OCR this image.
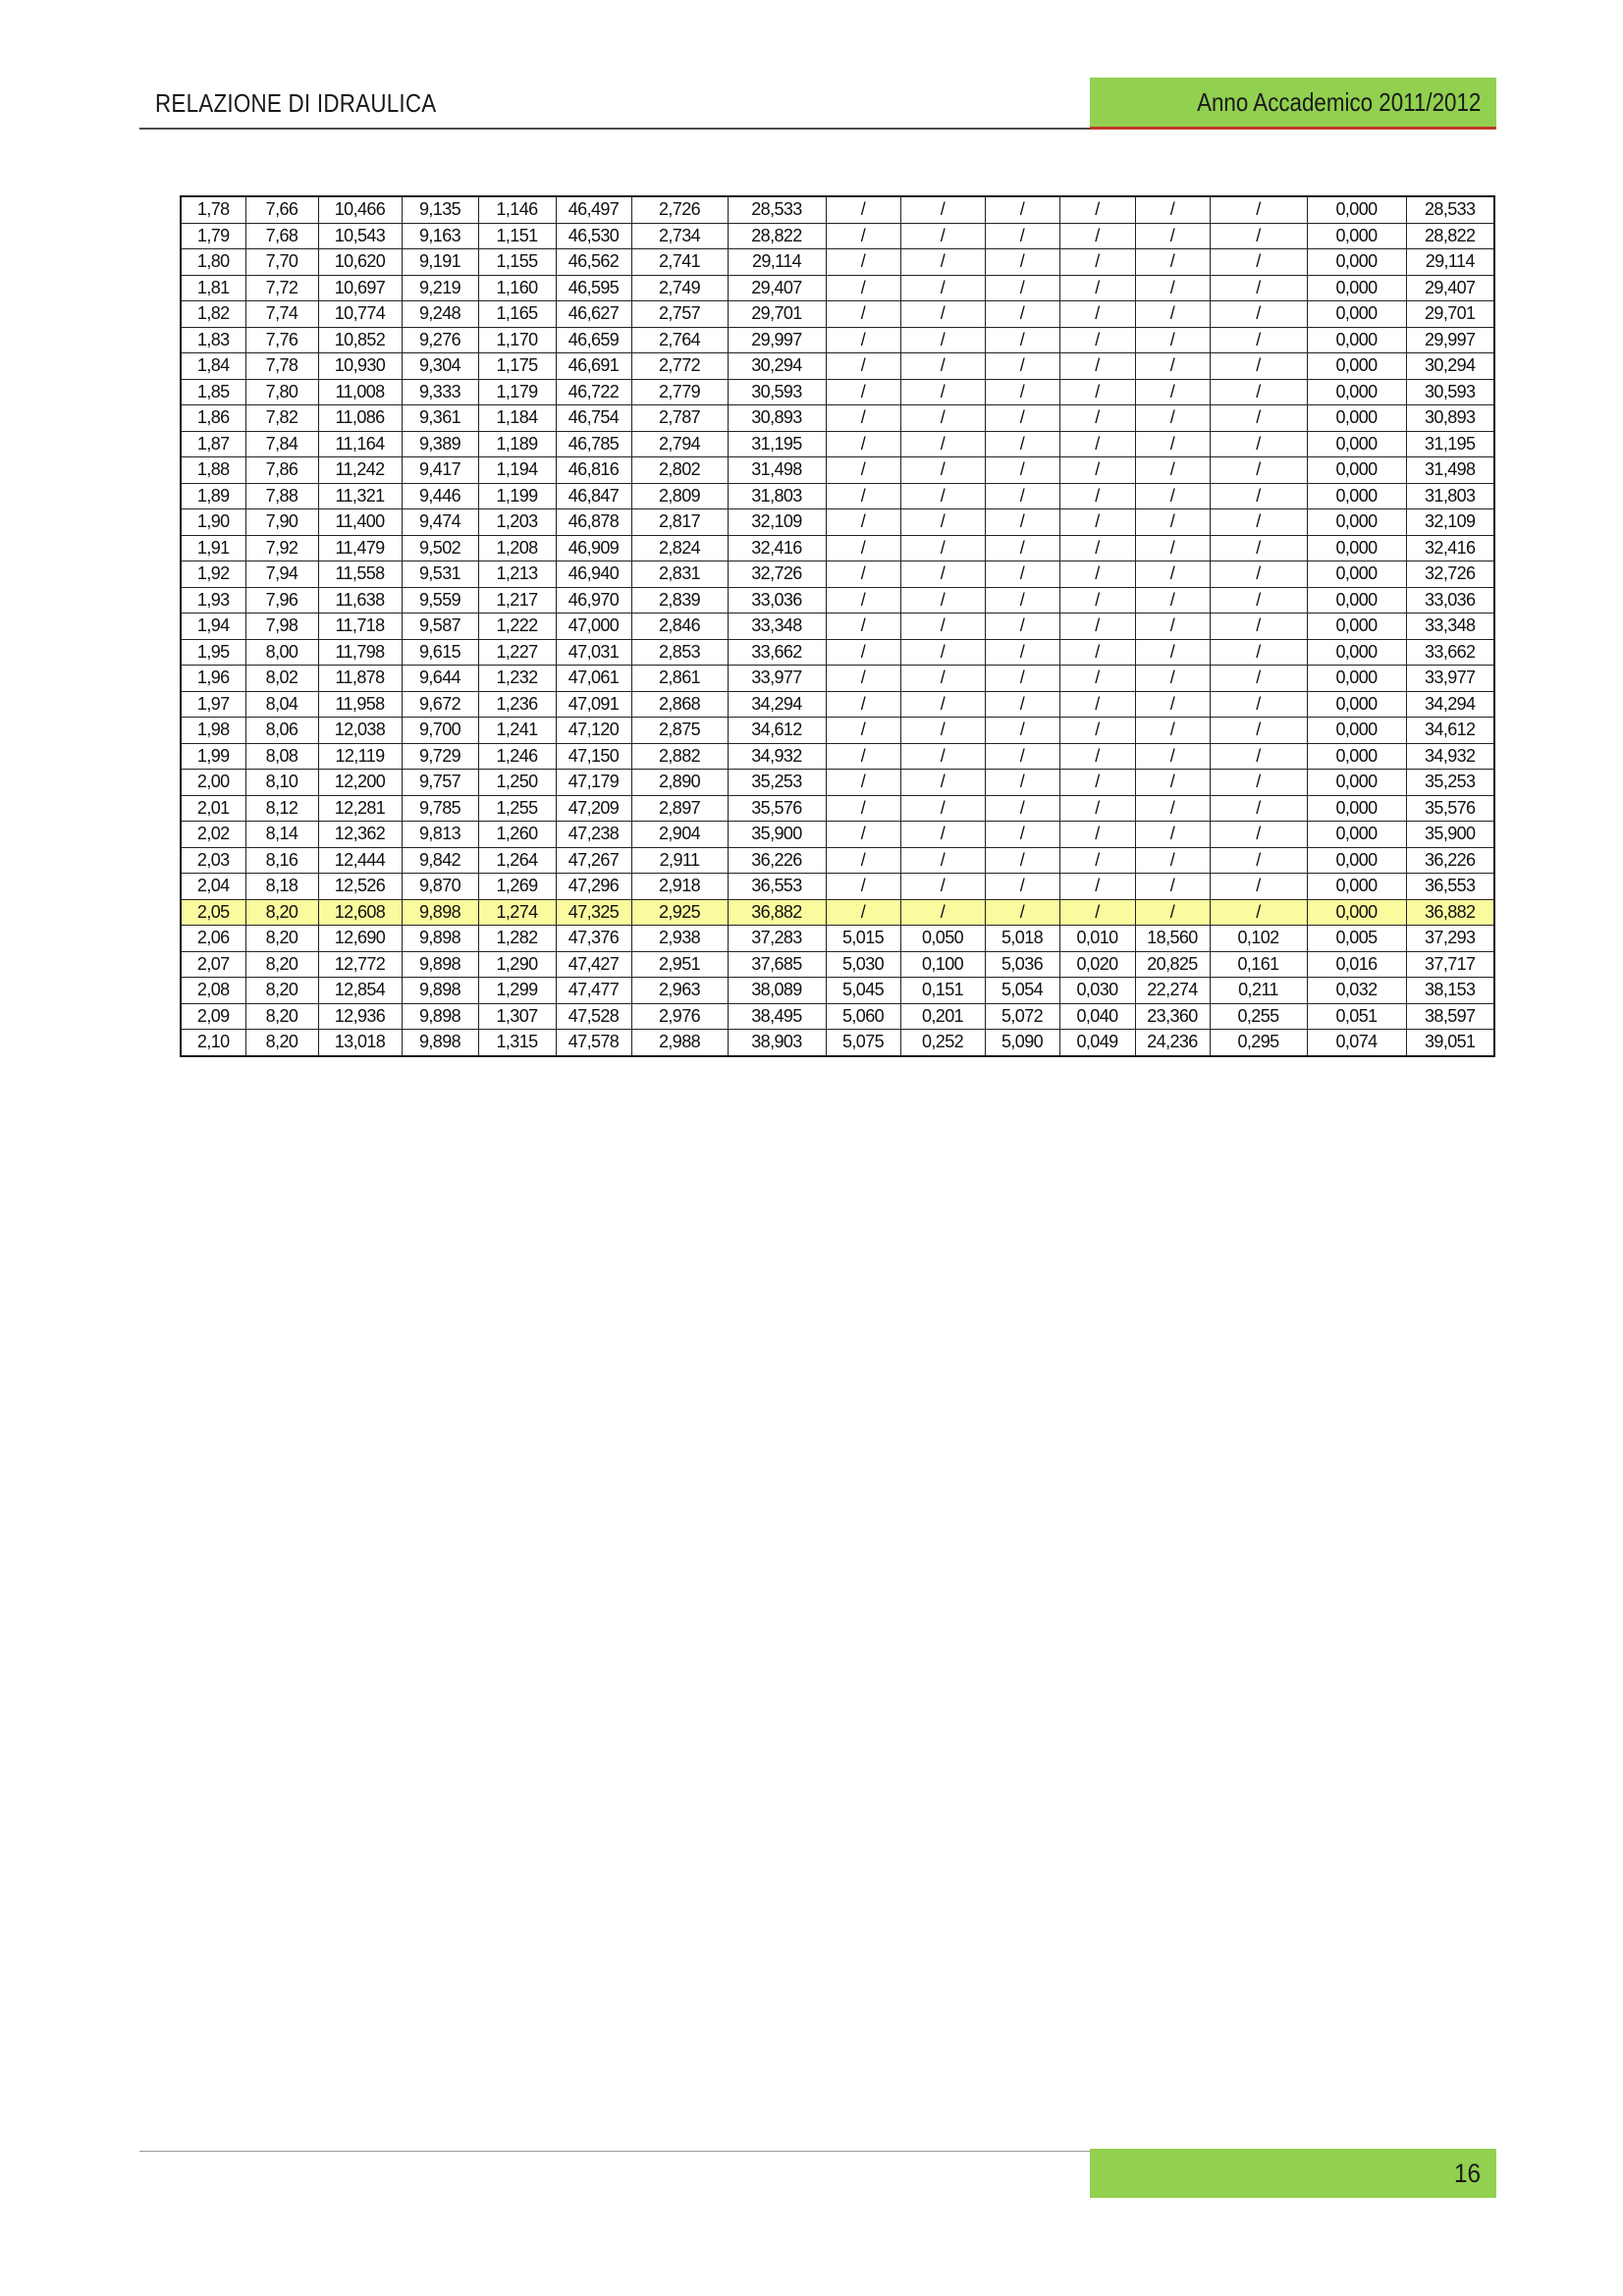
RELAZIONE DI IDRAULICA	Anno Accademico 2011/2012
1,78	7,66	10,466	9,135	1,146	46,497	2,726	28,533	/	/	/	/	/	/	0,000	28,533
1,79	7,68	10,543	9,163	1,151	46,530	2,734	28,822	/	/	/	/	/	/	0,000	28,822
1,80	7,70	10,620	9,191	1,155	46,562	2,741	29,114	/	/	/	/	/	/	0,000	29,114
1,81	7,72	10,697	9,219	1,160	46,595	2,749	29,407	/	/	/	/	/	/	0,000	29,407
1,82	7,74	10,774	9,248	1,165	46,627	2,757	29,701	/	/	/	/	/	/	0,000	29,701
1,83	7,76	10,852	9,276	1,170	46,659	2,764	29,997	/	/	/	/	/	/	0,000	29,997
1,84	7,78	10,930	9,304	1,175	46,691	2,772	30,294	/	/	/	/	/	/	0,000	30,294
1,85	7,80	11,008	9,333	1,179	46,722	2,779	30,593	/	/	/	/	/	/	0,000	30,593
1,86	7,82	11,086	9,361	1,184	46,754	2,787	30,893	/	/	/	/	/	/	0,000	30,893
1,87	7,84	11,164	9,389	1,189	46,785	2,794	31,195	/	/	/	/	/	/	0,000	31,195
1,88	7,86	11,242	9,417	1,194	46,816	2,802	31,498	/	/	/	/	/	/	0,000	31,498
1,89	7,88	11,321	9,446	1,199	46,847	2,809	31,803	/	/	/	/	/	/	0,000	31,803
1,90	7,90	11,400	9,474	1,203	46,878	2,817	32,109	/	/	/	/	/	/	0,000	32,109
1,91	7,92	11,479	9,502	1,208	46,909	2,824	32,416	/	/	/	/	/	/	0,000	32,416
1,92	7,94	11,558	9,531	1,213	46,940	2,831	32,726	/	/	/	/	/	/	0,000	32,726
1,93	7,96	11,638	9,559	1,217	46,970	2,839	33,036	/	/	/	/	/	/	0,000	33,036
1,94	7,98	11,718	9,587	1,222	47,000	2,846	33,348	/	/	/	/	/	/	0,000	33,348
1,95	8,00	11,798	9,615	1,227	47,031	2,853	33,662	/	/	/	/	/	/	0,000	33,662
1,96	8,02	11,878	9,644	1,232	47,061	2,861	33,977	/	/	/	/	/	/	0,000	33,977
1,97	8,04	11,958	9,672	1,236	47,091	2,868	34,294	/	/	/	/	/	/	0,000	34,294
1,98	8,06	12,038	9,700	1,241	47,120	2,875	34,612	/	/	/	/	/	/	0,000	34,612
1,99	8,08	12,119	9,729	1,246	47,150	2,882	34,932	/	/	/	/	/	/	0,000	34,932
2,00	8,10	12,200	9,757	1,250	47,179	2,890	35,253	/	/	/	/	/	/	0,000	35,253
2,01	8,12	12,281	9,785	1,255	47,209	2,897	35,576	/	/	/	/	/	/	0,000	35,576
2,02	8,14	12,362	9,813	1,260	47,238	2,904	35,900	/	/	/	/	/	/	0,000	35,900
2,03	8,16	12,444	9,842	1,264	47,267	2,911	36,226	/	/	/	/	/	/	0,000	36,226
2,04	8,18	12,526	9,870	1,269	47,296	2,918	36,553	/	/	/	/	/	/	0,000	36,553
2,05	8,20	12,608	9,898	1,274	47,325	2,925	36,882	/	/	/	/	/	/	0,000	36,882
2,06	8,20	12,690	9,898	1,282	47,376	2,938	37,283	5,015	0,050	5,018	0,010	18,560	0,102	0,005	37,293
2,07	8,20	12,772	9,898	1,290	47,427	2,951	37,685	5,030	0,100	5,036	0,020	20,825	0,161	0,016	37,717
2,08	8,20	12,854	9,898	1,299	47,477	2,963	38,089	5,045	0,151	5,054	0,030	22,274	0,211	0,032	38,153
2,09	8,20	12,936	9,898	1,307	47,528	2,976	38,495	5,060	0,201	5,072	0,040	23,360	0,255	0,051	38,597
2,10	8,20	13,018	9,898	1,315	47,578	2,988	38,903	5,075	0,252	5,090	0,049	24,236	0,295	0,074	39,051
16
